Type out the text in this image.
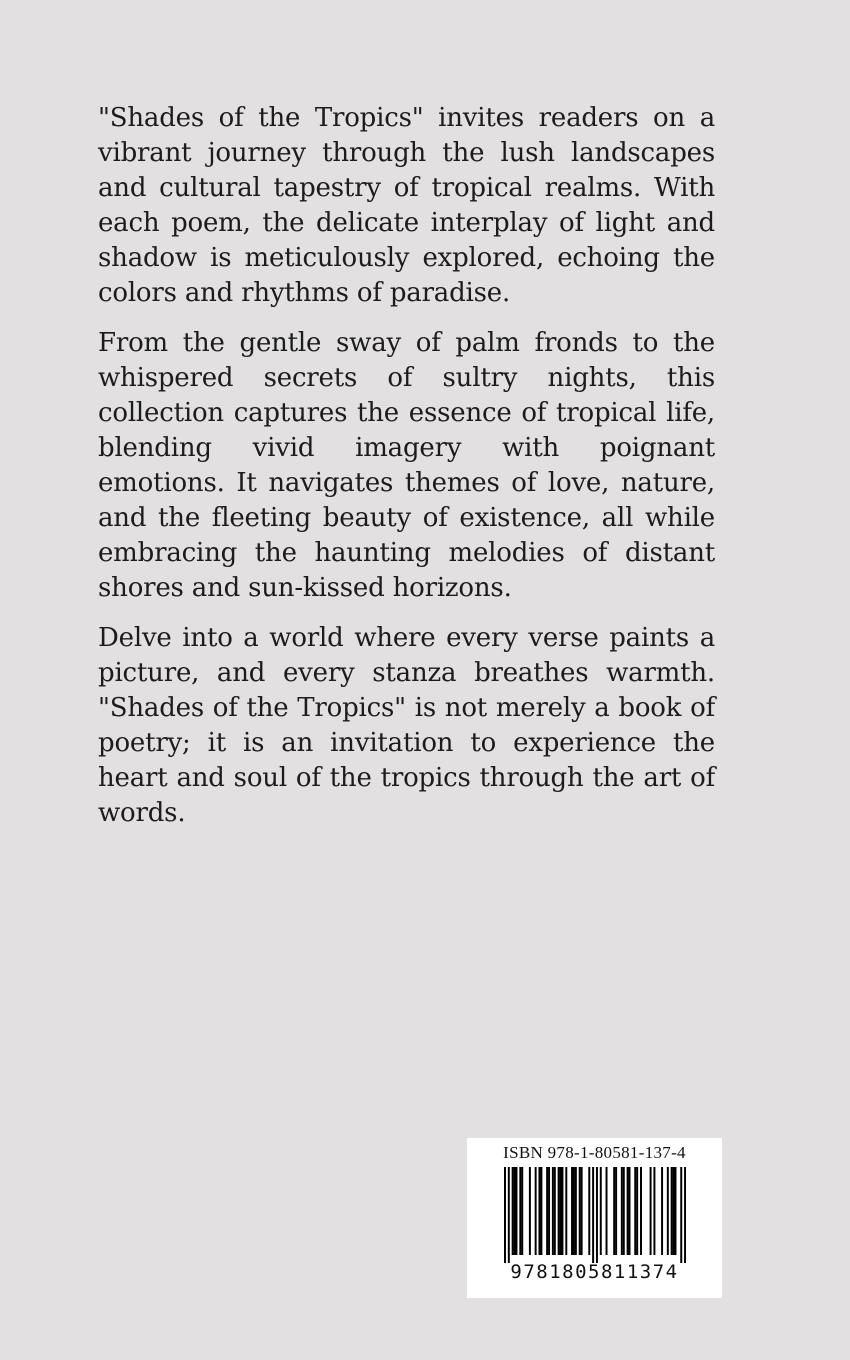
"Shades of the Tropics" invites readers on a vibrant journey through the lush landscapes and cultural tapestry of tropical realms. With each poem, the delicate interplay of light and shadow is meticulously explored, echoing the colors and rhythms of paradise.

From the gentle sway of palm fronds to the whispered secrets of sultry nights, this collection captures the essence of tropical life, blending vivid imagery with poignant emotions. It navigates themes of love, nature, and the fleeting beauty of existence, all while embracing the haunting melodies of distant shores and sun-kissed horizons.

Delve into a world where every verse paints a picture, and every stanza breathes warmth. "Shades of the Tropics" is not merely a book of poetry; it is an invitation to experience the heart and soul of the tropics through the art of words.

ISBN 978-1-80581-137-4
9781805811374
